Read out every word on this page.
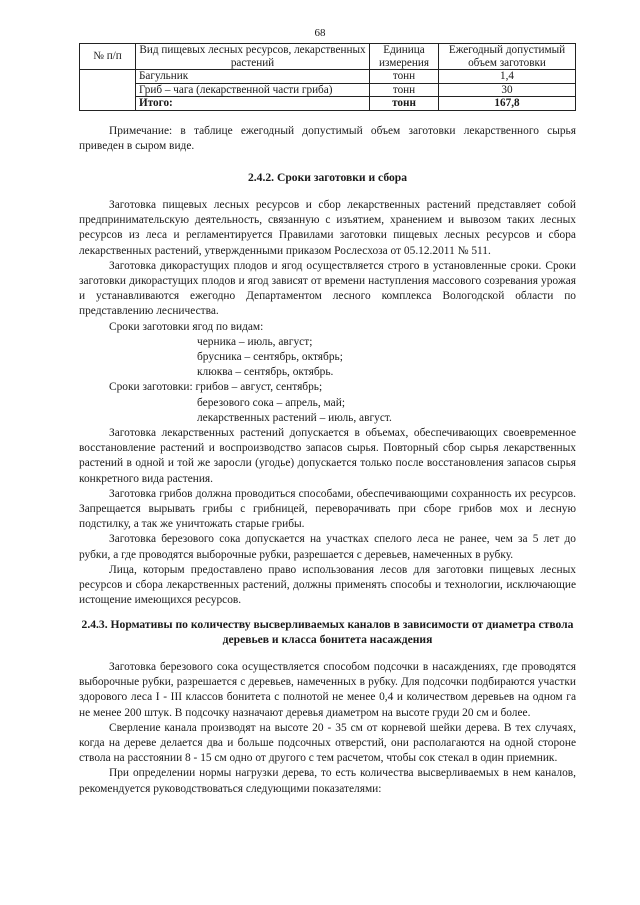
68
№ п/п	Вид пищевых лесных ресурсов, лекарственных растений	Единица измерения	Ежегодный допустимый объем заготовки
	Багульник	тонн	1,4
	Гриб – чага (лекарственной части гриба)	тонн	30
	Итого:	тонн	167,8

Примечание: в таблице ежегодный допустимый объем заготовки лекарственного сырья приведен в сыром виде.

2.4.2. Сроки заготовки и сбора

Заготовка пищевых лесных ресурсов и сбор лекарственных растений представляет собой предпринимательскую деятельность, связанную с изъятием, хранением и вывозом таких лесных ресурсов из леса и регламентируется Правилами заготовки пищевых лесных ресурсов и сбора лекарственных растений, утвержденными приказом Рослесхоза от 05.12.2011 № 511.

Заготовка дикорастущих плодов и ягод осуществляется строго в установленные сроки. Сроки заготовки дикорастущих плодов и ягод зависят от времени наступления массового созревания урожая и устанавливаются ежегодно Департаментом лесного комплекса Вологодской области по представлению лесничества.

Сроки заготовки ягод по видам:

черника – июль, август;

брусника – сентябрь, октябрь;

клюква – сентябрь, октябрь.

Сроки заготовки: грибов – август, сентябрь;

березового сока – апрель, май;

лекарственных растений – июль, август.

Заготовка лекарственных растений допускается в объемах, обеспечивающих своевременное восстановление растений и воспроизводство запасов сырья. Повторный сбор сырья лекарственных растений в одной и той же заросли (угодье) допускается только после восстановления запасов сырья конкретного вида растения.

Заготовка грибов должна проводиться способами, обеспечивающими сохранность их ресурсов. Запрещается вырывать грибы с грибницей, переворачивать при сборе грибов мох и лесную подстилку, а так же уничтожать старые грибы.

Заготовка березового сока допускается на участках спелого леса не ранее, чем за 5 лет до рубки, а где проводятся выборочные рубки, разрешается с деревьев, намеченных в рубку.

Лица, которым предоставлено право использования лесов для заготовки пищевых лесных ресурсов и сбора лекарственных растений, должны применять способы и технологии, исключающие истощение имеющихся ресурсов.

2.4.3. Нормативы по количеству высверливаемых каналов в зависимости от диаметра ствола деревьев и класса бонитета насаждения

Заготовка березового сока осуществляется способом подсочки в насаждениях, где проводятся выборочные рубки, разрешается с деревьев, намеченных в рубку. Для подсочки подбираются участки здорового леса I - III классов бонитета с полнотой не менее 0,4 и количеством деревьев на одном га не менее 200 штук. В подсочку назначают деревья диаметром на высоте груди 20 см и более.

Сверление канала производят на высоте 20 - 35 см от корневой шейки дерева. В тех случаях, когда на дереве делается два и больше подсочных отверстий, они располагаются на одной стороне ствола на расстоянии 8 - 15 см одно от другого с тем расчетом, чтобы сок стекал в один приемник.

При определении нормы нагрузки дерева, то есть количества высверливаемых в нем каналов, рекомендуется руководствоваться следующими показателями:
